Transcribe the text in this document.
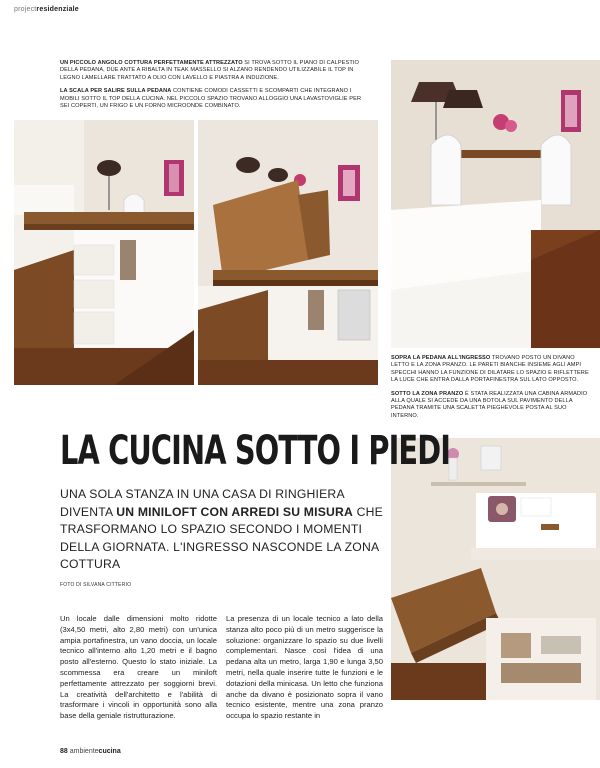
projectresidenziale

UN PICCOLO ANGOLO COTTURA PERFETTAMENTE ATTREZZATO SI TROVA SOTTO IL PIANO DI CALPESTIO DELLA PEDANA, DUE ANTE A RIBALTA IN TEAK MASSELLO SI ALZANO RENDENDO UTILIZZABILE IL TOP IN LEGNO LAMELLARE TRATTATO A OLIO CON LAVELLO E PIASTRA A INDUZIONE.

LA SCALA PER SALIRE SULLA PEDANA CONTIENE COMODI CASSETTI E SCOMPARTI CHE INTEGRANO I MOBILI SOTTO IL TOP DELLA CUCINA. NEL PICCOLO SPAZIO TROVANO ALLOGGIO UNA LAVASTOVIGLIE PER SEI COPERTI, UN FRIGO E UN FORNO MICROONDE COMBINATO.

SOPRA LA PEDANA ALL'INGRESSO TROVANO POSTO UN DIVANO LETTO E LA ZONA PRANZO. LE PARETI BIANCHE INSIEME AGLI AMPI SPECCHI HANNO LA FUNZIONE DI DILATARE LO SPAZIO E RIFLETTERE LA LUCE CHE ENTRA DALLA PORTAFINESTRA SUL LATO OPPOSTO.

SOTTO LA ZONA PRANZO È STATA REALIZZATA UNA CABINA ARMADIO ALLA QUALE SI ACCEDE DA UNA BOTOLA SUL PAVIMENTO DELLA PEDANA TRAMITE UNA SCALETTA PIEGHEVOLE POSTA AL SUO INTERNO.

LA CUCINA SOTTO I PIEDI
UNA SOLA STANZA IN UNA CASA DI RINGHIERA DIVENTA UN MINILOFT CON ARREDI SU MISURA CHE TRASFORMANO LO SPAZIO SECONDO I MOMENTI DELLA GIORNATA. L'INGRESSO NASCONDE LA ZONA COTTURA
FOTO DI SILVANA CITTERIO
Un locale dalle dimensioni molto ridotte (3x4,50 metri, alto 2,80 metri) con un'unica ampia portafinestra, un vano doccia, un locale tecnico all'interno alto 1,20 metri e il bagno posto all'esterno. Questo lo stato iniziale. La scommessa era creare un miniloft perfettamente attrezzato per soggiorni brevi. La creatività dell'architetto e l'abilità di trasformare i vincoli in opportunità sono alla base della geniale ristrutturazione.
La presenza di un locale tecnico a lato della stanza alto poco più di un metro suggerisce la soluzione: organizzare lo spazio su due livelli complementari. Nasce così l'idea di una pedana alta un metro, larga 1,90 e lunga 3,50 metri, nella quale inserire tutte le funzioni e le dotazioni della minicasa. Un letto che funziona anche da divano è posizionato sopra il vano tecnico esistente, mentre una zona pranzo occupa lo spazio restante in
88 ambientecucina
